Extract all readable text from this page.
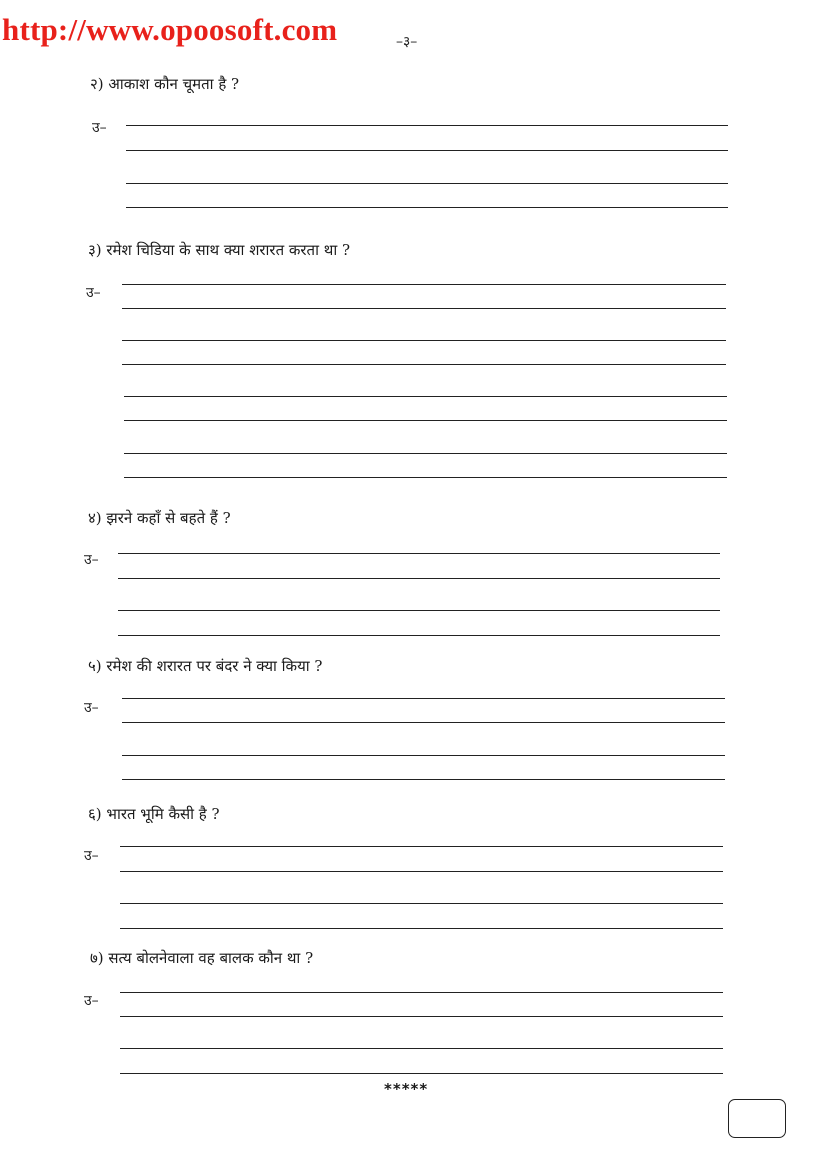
http://www.opoosoft.com	–३–
२) आकाश कौन चूमता है ?
उ–
३) रमेश चिडिया के साथ क्या शरारत करता था ?
उ–
४) झरने कहाँ से बहते हैं ?
उ–
५) रमेश की शरारत पर बंदर ने क्या किया ?
उ–
६) भारत भूमि कैसी है ?
उ–
७) सत्य बोलनेवाला वह बालक कौन था ?
उ–
*****
